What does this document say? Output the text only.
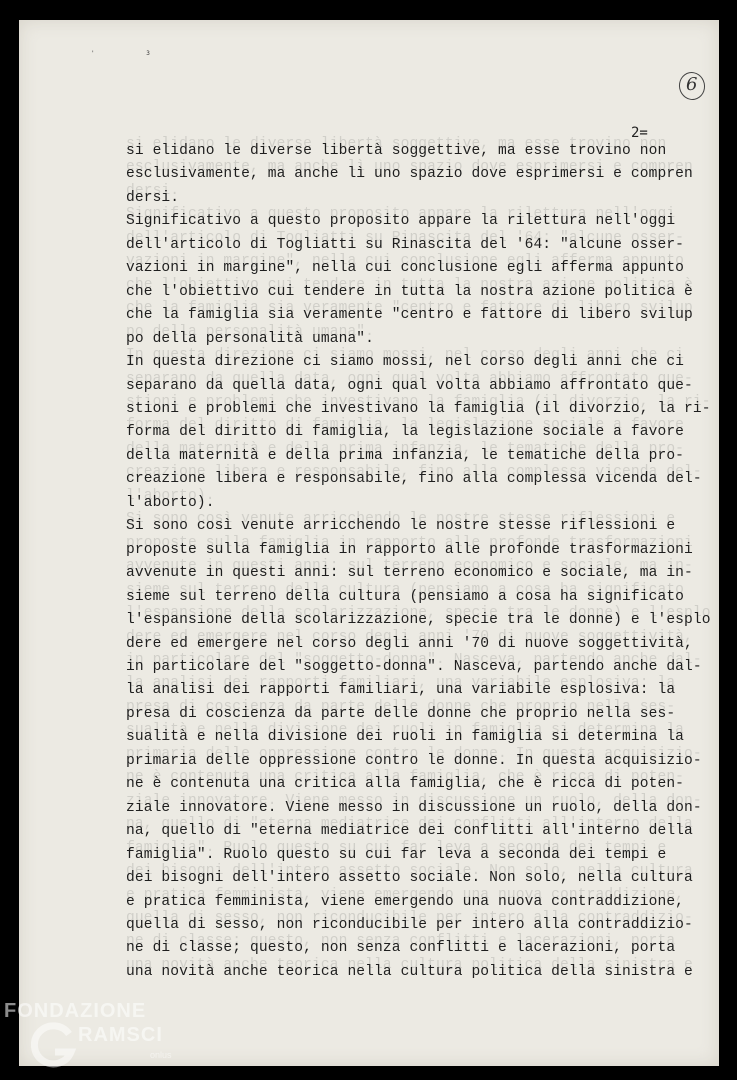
' 3
6
2=
si elidano le diverse libertà soggettive, ma esse trovino non
esclusivamente, ma anche lì uno spazio dove esprimersi e compren
dersi.
Significativo a questo proposito appare la rilettura nell'oggi
dell'articolo di Togliatti su Rinascita del '64: "alcune osser-
vazioni in margine", nella cui conclusione egli afferma appunto
che l'obiettivo cui tendere in tutta la nostra azione politica è
che la famiglia sia veramente "centro e fattore di libero svilup
po della personalità umana".
In questa direzione ci siamo mossi, nel corso degli anni che ci
separano da quella data, ogni qual volta abbiamo affrontato que-
stioni e problemi che investivano la famiglia (il divorzio, la ri-
forma del diritto di famiglia, la legislazione sociale a favore
della maternità e della prima infanzia, le tematiche della pro-
creazione libera e responsabile, fino alla complessa vicenda del-
l'aborto).
Si sono così venute arricchendo le nostre stesse riflessioni e
proposte sulla famiglia in rapporto alle profonde trasformazioni
avvenute in questi anni: sul terreno economico e sociale, ma in-
sieme sul terreno della cultura (pensiamo a cosa ha significato
l'espansione della scolarizzazione, specie tra le donne) e l'esplo
dere ed emergere nel corso degli anni '70 di nuove soggettività,
in particolare del "soggetto-donna". Nasceva, partendo anche dal-
la analisi dei rapporti familiari, una variabile esplosiva: la
presa di coscienza da parte delle donne che proprio nella ses-
sualità e nella divisione dei ruoli in famiglia si determina la
primaria delle oppressione contro le donne. In questa acquisizio-
ne è contenuta una critica alla famiglia, che è ricca di poten-
ziale innovatore. Viene messo in discussione un ruolo, della don-
na, quello di "eterna mediatrice dei conflitti all'interno della
famiglia". Ruolo questo su cui far leva a seconda dei tempi e
dei bisogni dell'intero assetto sociale. Non solo, nella cultura
e pratica femminista, viene emergendo una nuova contraddizione,
quella di sesso, non riconducibile per intero alla contraddizio-
ne di classe; questo, non senza conflitti e lacerazioni, porta
una novità anche teorica nella cultura politica della sinistra e
FONDAZIONE
RAMSCI
onlus
